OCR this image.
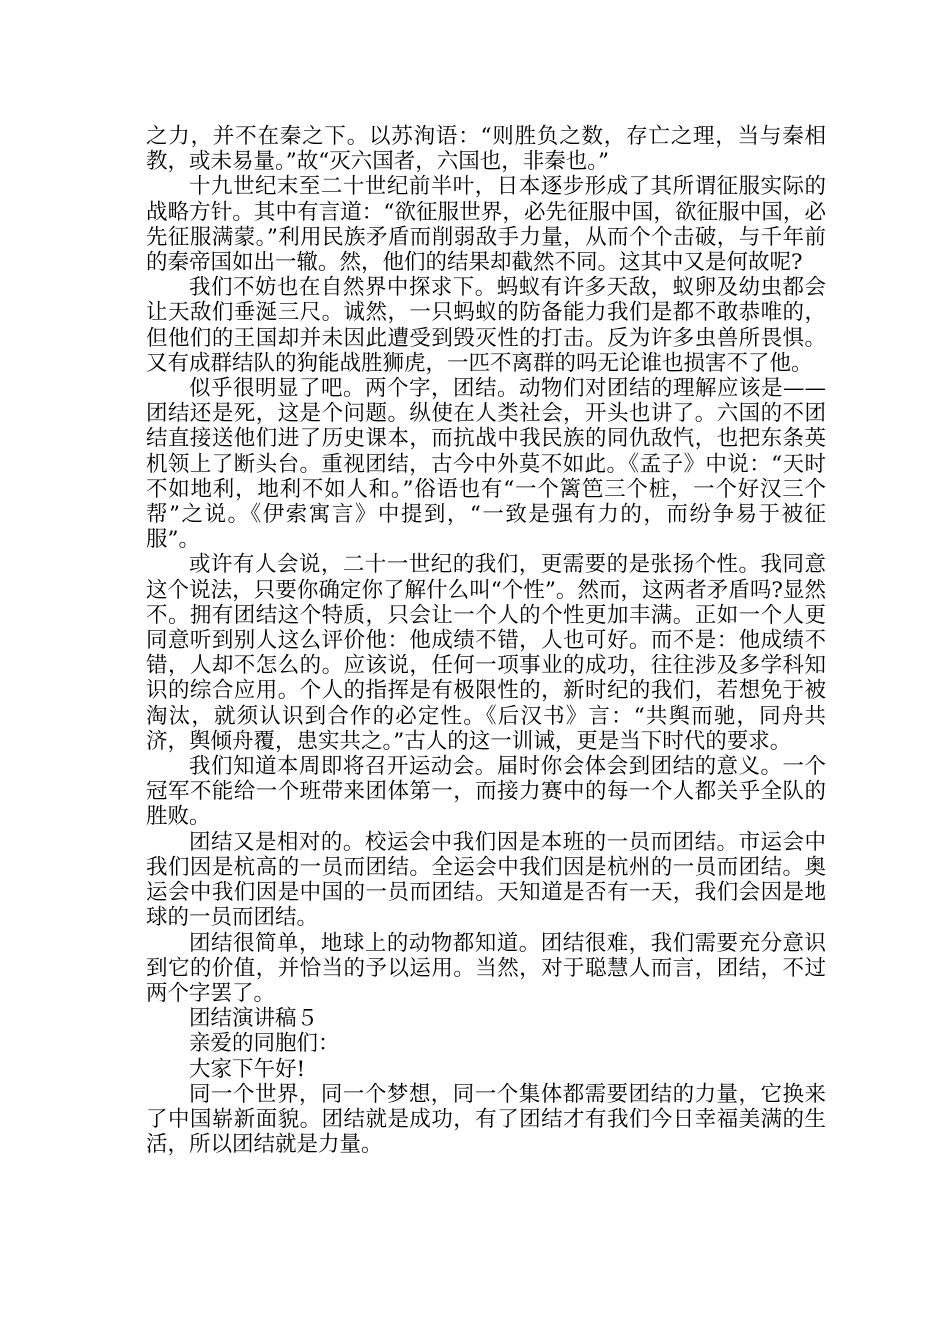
之力，并不在秦之下。以苏洵语：“则胜负之数，存亡之理，当与秦相教，或未易量。”故“灭六国者，六国也，非秦也。”

十九世纪末至二十世纪前半叶，日本逐步形成了其所谓征服实际的战略方针。其中有言道：“欲征服世界，必先征服中国，欲征服中国，必先征服满蒙。”利用民族矛盾而削弱敌手力量，从而个个击破，与千年前的秦帝国如出一辙。然，他们的结果却截然不同。这其中又是何故呢?

我们不妨也在自然界中探求下。蚂蚁有许多天敌，蚁卵及幼虫都会让天敌们垂涎三尺。诚然，一只蚂蚁的防备能力我们是都不敢恭唯的，但他们的王国却并未因此遭受到毁灭性的打击。反为许多虫兽所畏惧。又有成群结队的狗能战胜狮虎，一匹不离群的吗无论谁也损害不了他。

似乎很明显了吧。两个字，团结。动物们对团结的理解应该是——团结还是死，这是个问题。纵使在人类社会，开头也讲了。六国的不团结直接送他们进了历史课本，而抗战中我民族的同仇敌忾，也把东条英机领上了断头台。重视团结，古今中外莫不如此。《孟子》中说：“天时不如地利，地利不如人和。”俗语也有“一个篱笆三个桩，一个好汉三个帮”之说。《伊索寓言》中提到，“一致是强有力的，而纷争易于被征服”。

或许有人会说，二十一世纪的我们，更需要的是张扬个性。我同意这个说法，只要你确定你了解什么叫“个性”。然而，这两者矛盾吗?显然不。拥有团结这个特质，只会让一个人的个性更加丰满。正如一个人更同意听到别人这么评价他：他成绩不错，人也可好。而不是：他成绩不错，人却不怎么的。应该说，任何一项事业的成功，往往涉及多学科知识的综合应用。个人的指挥是有极限性的，新时纪的我们，若想免于被淘汰，就须认识到合作的必定性。《后汉书》言：“共舆而驰，同舟共济，舆倾舟覆，患实共之。”古人的这一训诫，更是当下时代的要求。

我们知道本周即将召开运动会。届时你会体会到团结的意义。一个冠军不能给一个班带来团体第一，而接力赛中的每一个人都关乎全队的胜败。

团结又是相对的。校运会中我们因是本班的一员而团结。市运会中我们因是杭高的一员而团结。全运会中我们因是杭州的一员而团结。奥运会中我们因是中国的一员而团结。天知道是否有一天，我们会因是地球的一员而团结。

团结很简单，地球上的动物都知道。团结很难，我们需要充分意识到它的价值，并恰当的予以运用。当然，对于聪慧人而言，团结，不过两个字罢了。

团结演讲稿５

亲爱的同胞们：

大家下午好!

同一个世界，同一个梦想，同一个集体都需要团结的力量，它换来了中国崭新面貌。团结就是成功，有了团结才有我们今日幸福美满的生活，所以团结就是力量。
